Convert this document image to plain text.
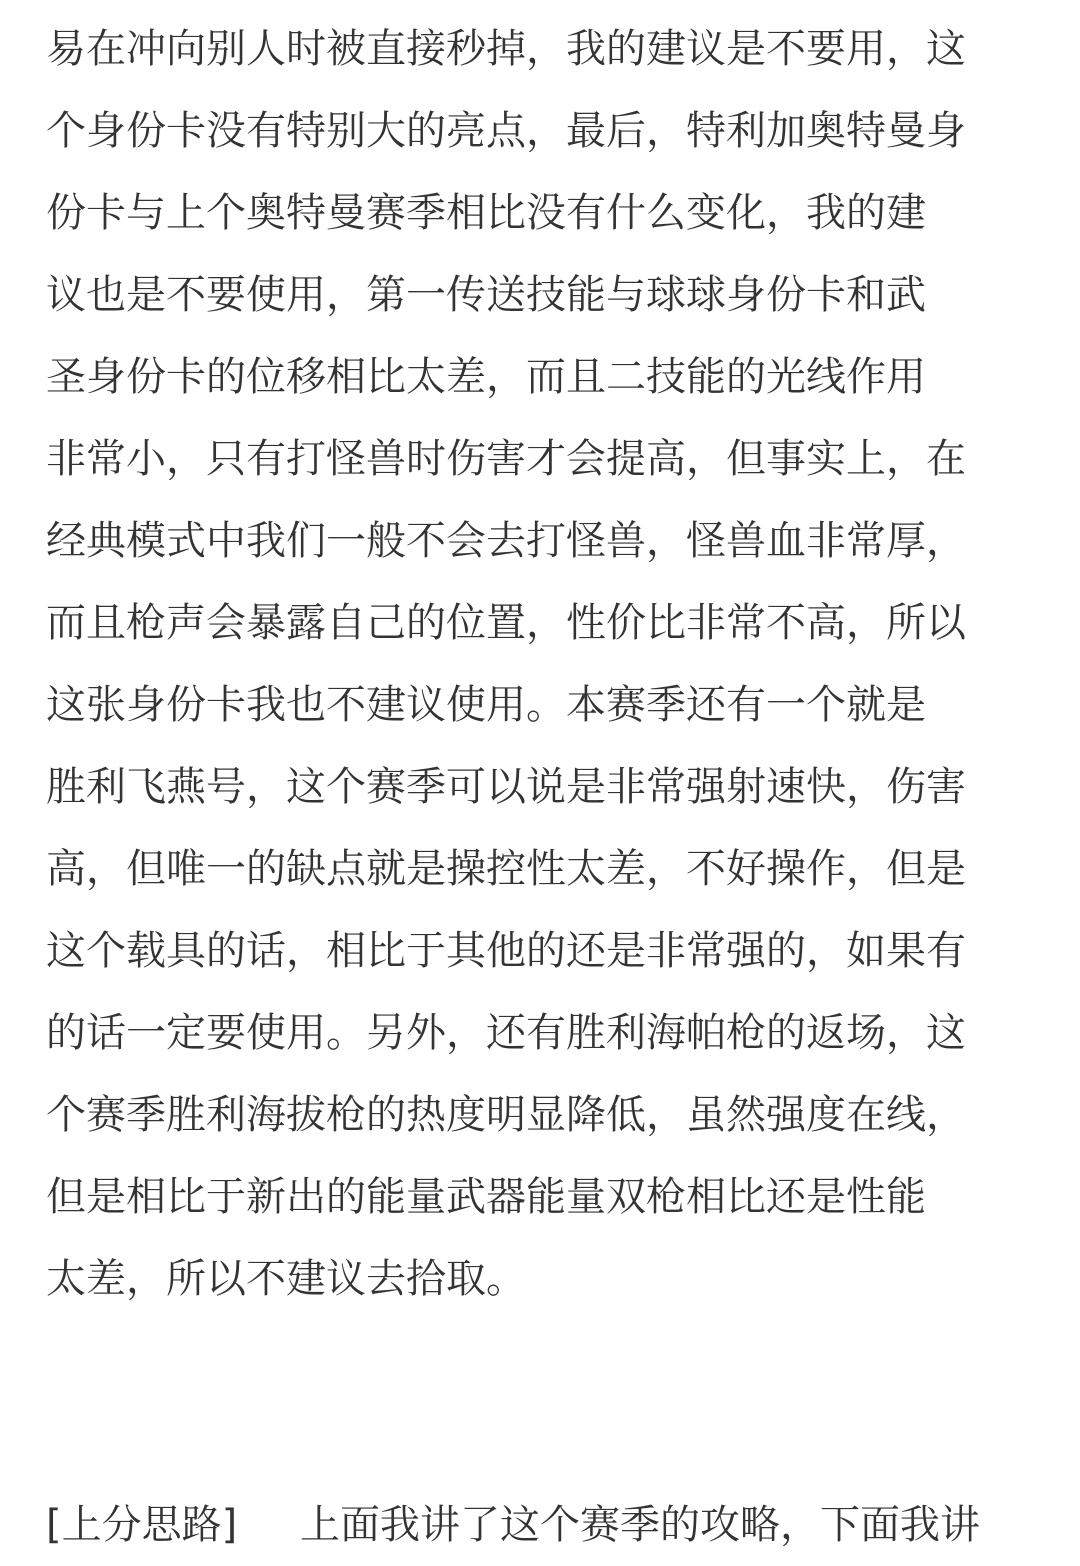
易在冲向别人时被直接秒掉，我的建议是不要用，这
个身份卡没有特别大的亮点，最后，特利加奥特曼身
份卡与上个奥特曼赛季相比没有什么变化，我的建
议也是不要使用，第一传送技能与球球身份卡和武
圣身份卡的位移相比太差，而且二技能的光线作用
非常小，只有打怪兽时伤害才会提高，但事实上，在
经典模式中我们一般不会去打怪兽，怪兽血非常厚，
而且枪声会暴露自己的位置，性价比非常不高，所以
这张身份卡我也不建议使用。本赛季还有一个就是
胜利飞燕号，这个赛季可以说是非常强射速快，伤害
高，但唯一的缺点就是操控性太差，不好操作，但是
这个载具的话，相比于其他的还是非常强的，如果有
的话一定要使用。另外，还有胜利海帕枪的返场，这
个赛季胜利海拔枪的热度明显降低，虽然强度在线，
但是相比于新出的能量武器能量双枪相比还是性能
太差，所以不建议去拾取。
[上分思路] 上面我讲了这个赛季的攻略，下面我讲
